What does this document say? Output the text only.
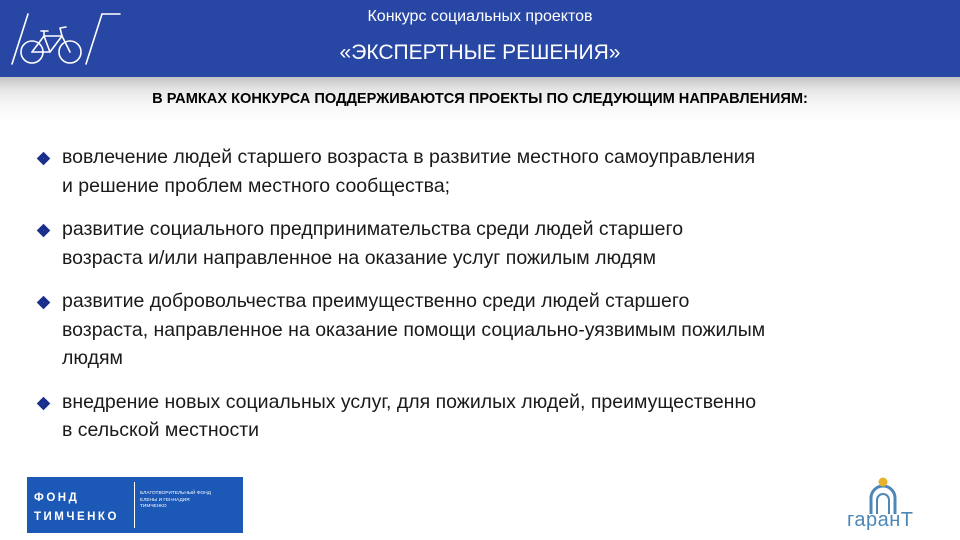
Конкурс социальных проектов
«ЭКСПЕРТНЫЕ РЕШЕНИЯ»
В РАМКАХ КОНКУРСА ПОДДЕРЖИВАЮТСЯ ПРОЕКТЫ ПО СЛЕДУЮЩИМ НАПРАВЛЕНИЯМ:
вовлечение людей старшего возраста в развитие местного самоуправления
и решение проблем местного сообщества;
развитие социального предпринимательства среди людей старшего
возраста и/или направленное на оказание услуг пожилым людям
развитие добровольчества преимущественно среди людей старшего
возраста, направленное на оказание помощи социально-уязвимым пожилым
людям
внедрение новых социальных услуг, для пожилых людей, преимущественно
в сельской местности
ФОНД
ТИМЧЕНКО
БЛАГОТВОРИТЕЛЬНЫЙ ФОНД
ЕЛЕНЫ И ГЕННАДИЯ
ТИМЧЕНКО
гаранТ
